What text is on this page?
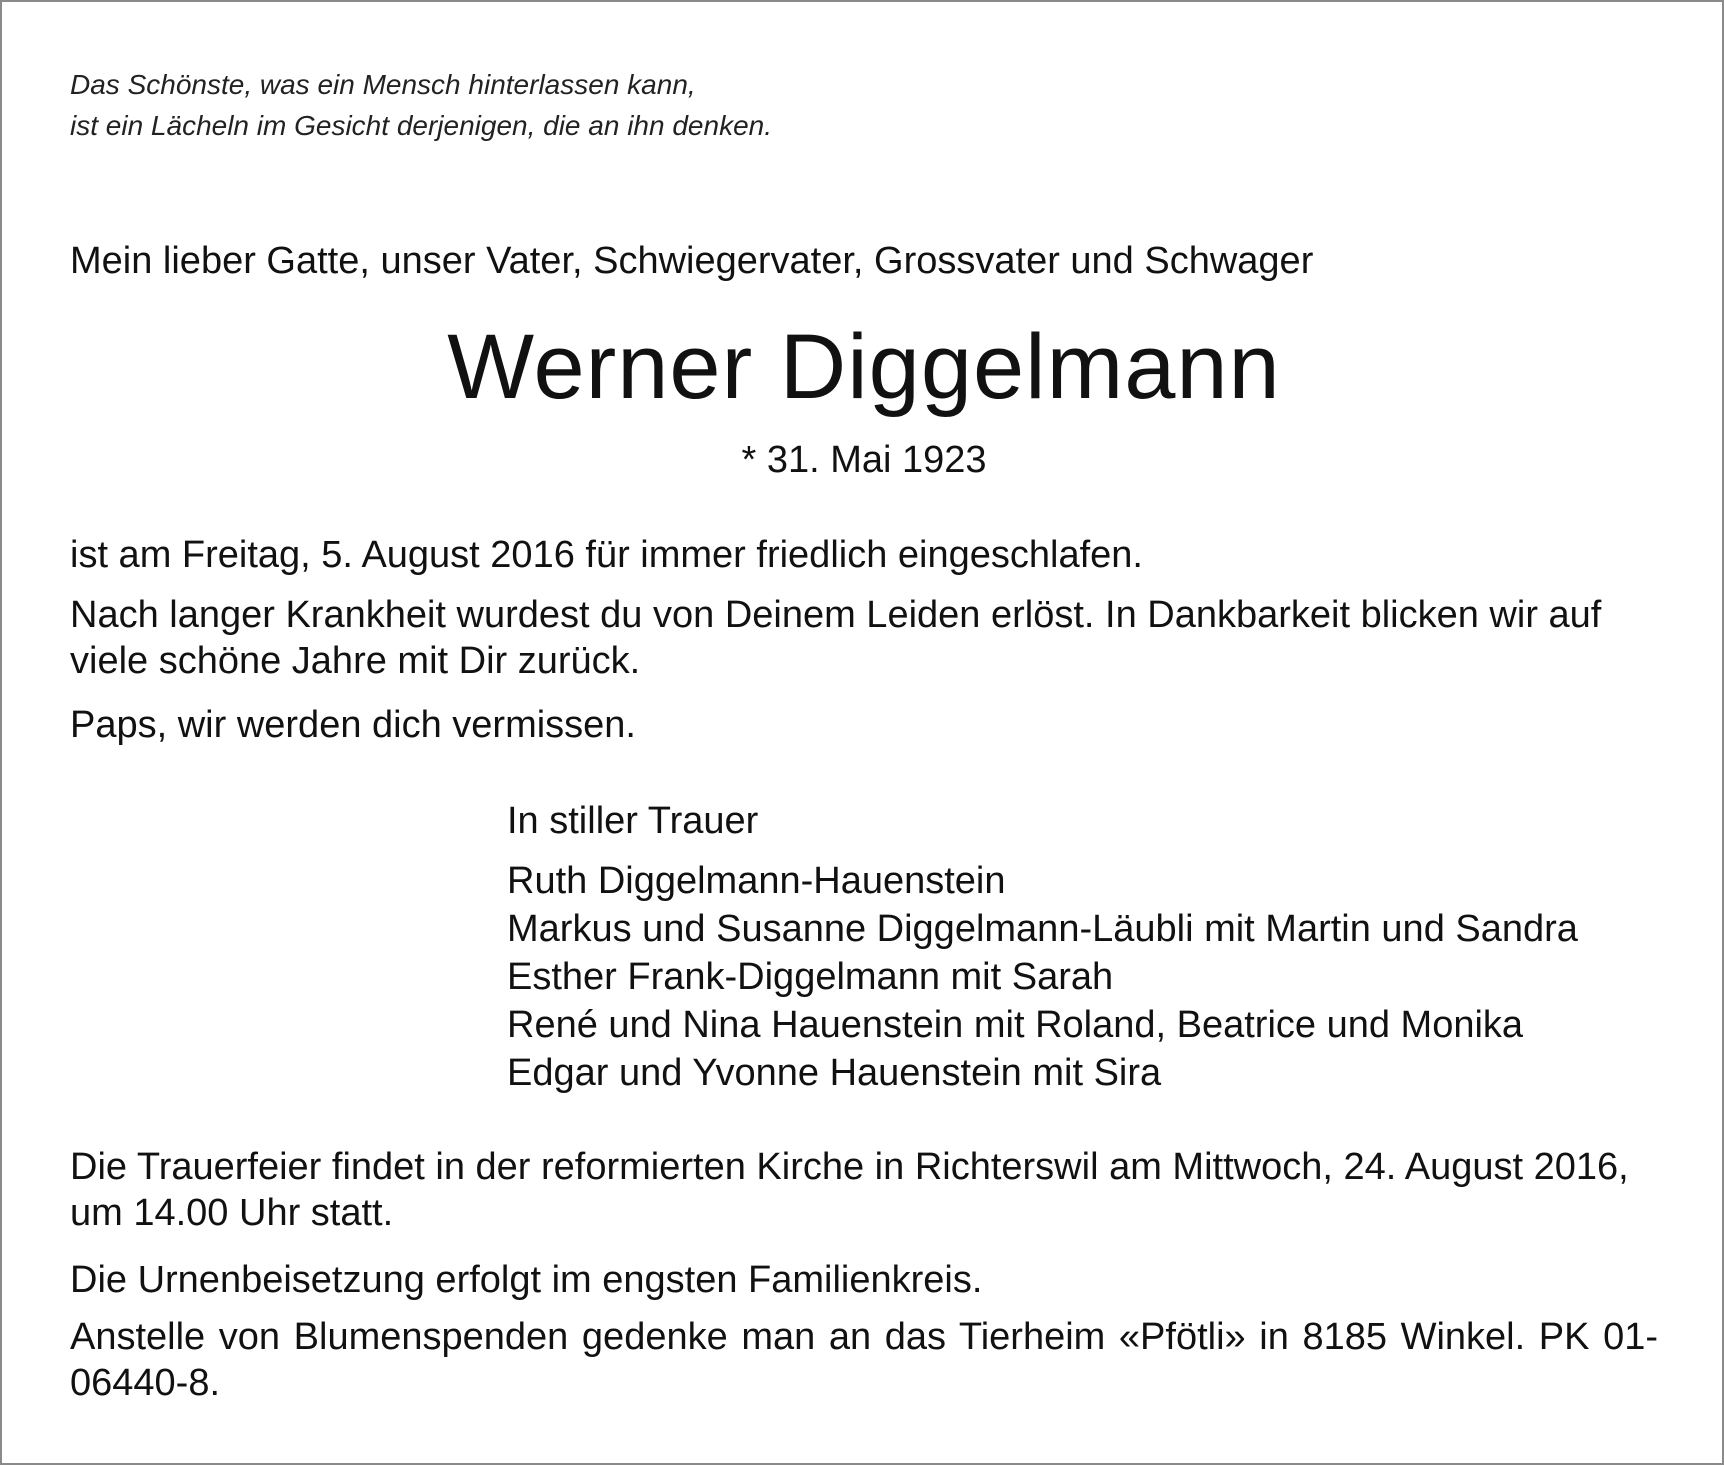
Das Schönste, was ein Mensch hinterlassen kann,
ist ein Lächeln im Gesicht derjenigen, die an ihn denken.
Mein lieber Gatte, unser Vater, Schwiegervater, Grossvater und Schwager
Werner Diggelmann
* 31. Mai 1923
ist am Freitag, 5. August 2016 für immer friedlich eingeschlafen.
Nach langer Krankheit wurdest du von Deinem Leiden erlöst. In Dankbarkeit blicken wir auf viele schöne Jahre mit Dir zurück.
Paps, wir werden dich vermissen.
In stiller Trauer
Ruth Diggelmann-Hauenstein
Markus und Susanne Diggelmann-Läubli mit Martin und Sandra
Esther Frank-Diggelmann mit Sarah
René und Nina Hauenstein mit Roland, Beatrice und Monika
Edgar und Yvonne Hauenstein mit Sira
Die Trauerfeier findet in der reformierten Kirche in Richterswil am Mittwoch, 24. August 2016, um 14.00 Uhr statt.
Die Urnenbeisetzung erfolgt im engsten Familienkreis.
Anstelle von Blumenspenden gedenke man an das Tierheim «Pfötli» in 8185 Winkel. PK 01-06440-8.
